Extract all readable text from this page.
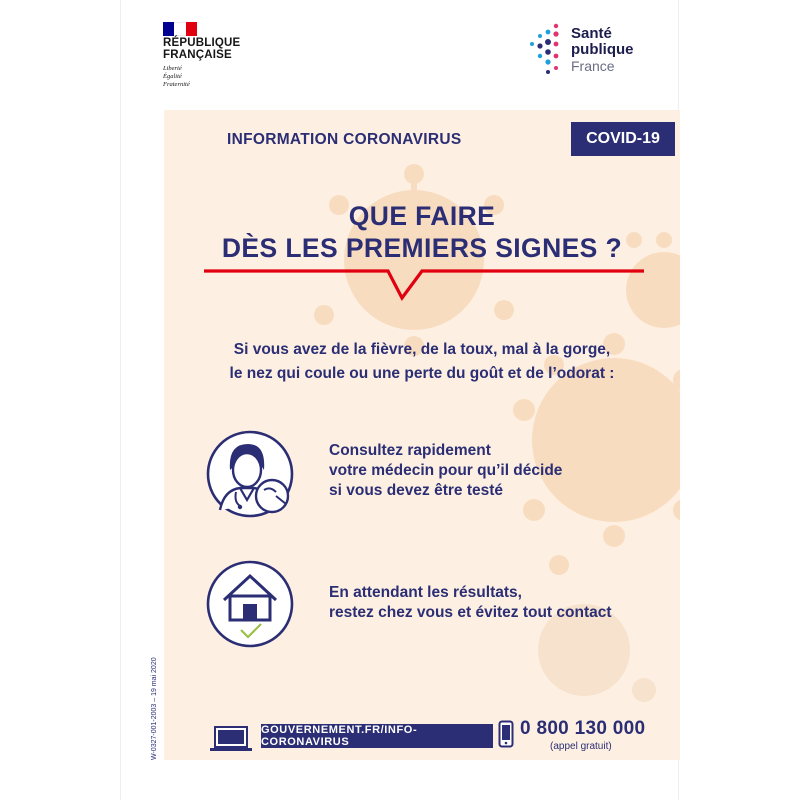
RÉPUBLIQUE
FRANÇAISE
Liberté
Égalité
Fraternité
Santé
publique
France
INFORMATION CORONAVIRUS	COVID-19
QUE FAIRE
DÈS LES PREMIERS SIGNES ?
Si vous avez de la fièvre, de la toux, mal à la gorge,
le nez qui coule ou une perte du goût et de l’odorat :
Consultez rapidement
votre médecin pour qu’il décide
si vous devez être testé
En attendant les résultats,
restez chez vous et évitez tout contact
GOUVERNEMENT.FR/INFO-CORONAVIRUS
0 800 130 000
(appel gratuit)
W-0327-001-2003 – 19 mai 2020
